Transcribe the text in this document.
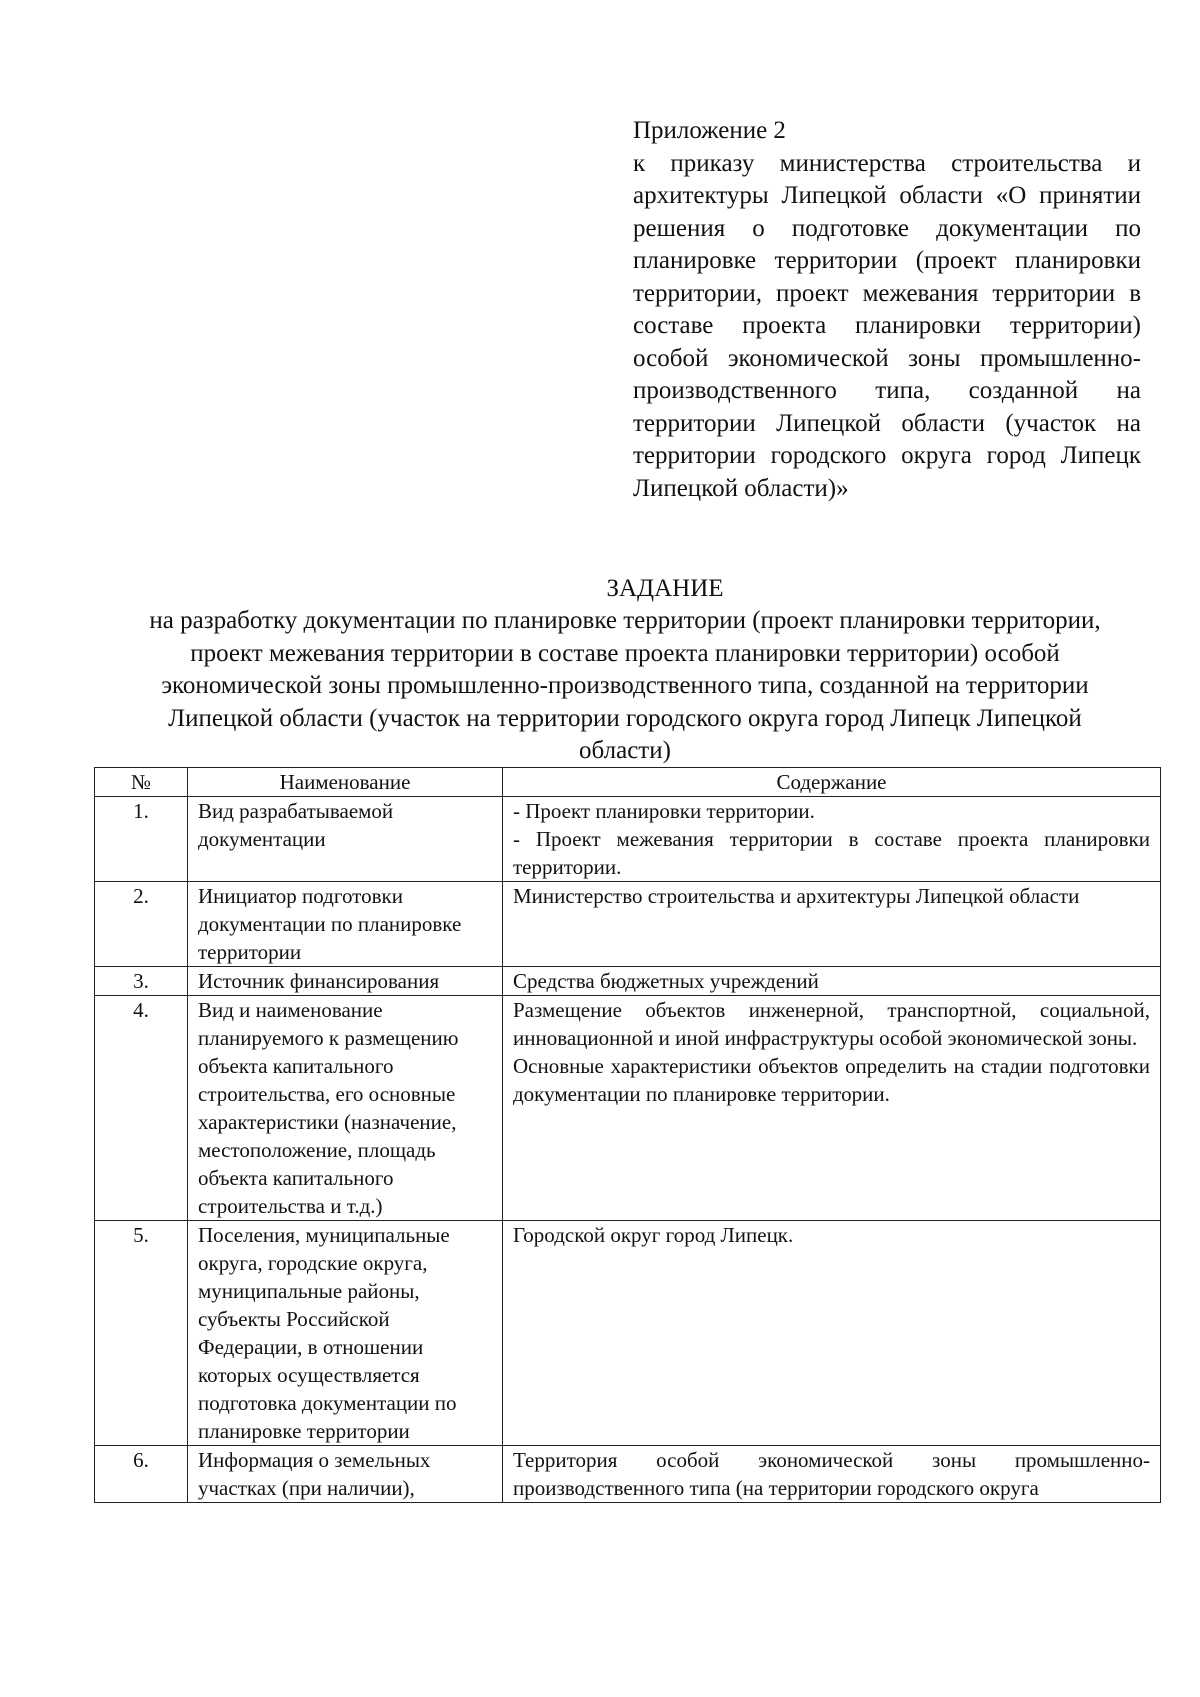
Приложение 2
к приказу министерства строительства и архитектуры Липецкой области «О принятии решения о подготовке документации по планировке территории (проект планировки территории, проект межевания территории в составе проекта планировки территории) особой экономической зоны промышленно-производственного типа, созданной на территории Липецкой области (участок на территории городского округа город Липецк Липецкой области)»
ЗАДАНИЕ
на разработку документации по планировке территории (проект планировки территории, проект межевания территории в составе проекта планировки территории) особой экономической зоны промышленно-производственного типа, созданной на территории Липецкой области (участок на территории городского округа город Липецк Липецкой области)
№	Наименование	Содержание
1.	Вид разрабатываемой документации	- Проект планировки территории.

- Проект межевания территории в составе проекта планировки территории.

2.	Инициатор подготовки документации по планировке территории	Министерство строительства и архитектуры Липецкой области

3.	Источник финансирования	Средства бюджетных учреждений

4.	Вид и наименование планируемого к размещению объекта капитального строительства, его основные характеристики (назначение, местоположение, площадь объекта капитального строительства и т.д.)	Размещение объектов инженерной, транспортной, социальной, инновационной и иной инфраструктуры особой экономической зоны.

Основные характеристики объектов определить на стадии подготовки документации по планировке территории.

5.	Поселения, муниципальные округа, городские округа, муниципальные районы, субъекты Российской Федерации, в отношении которых осуществляется подготовка документации по планировке территории	Городской округ город Липецк.

6.	Информация о земельных участках (при наличии),	Территория особой экономической зоны промышленно-производственного типа (на территории городского округа
